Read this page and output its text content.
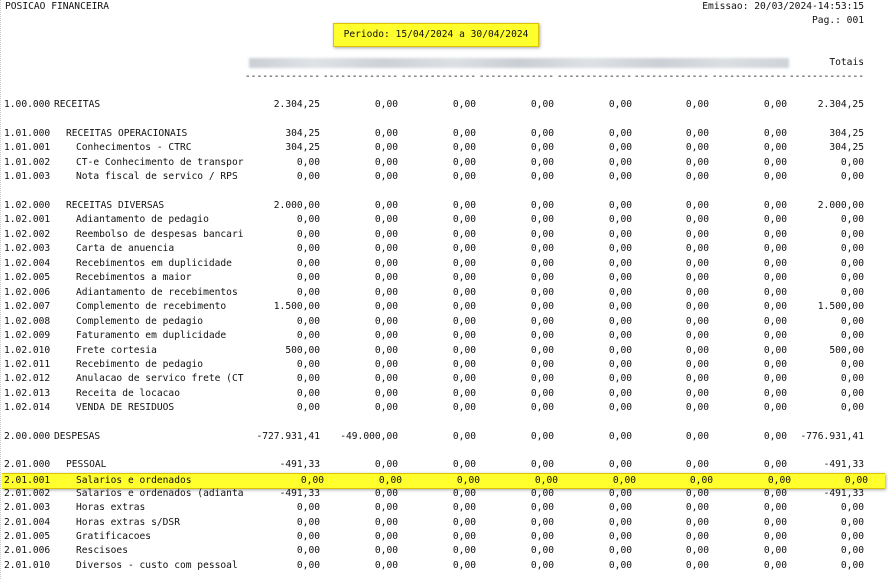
POSICAO FINANCEIRA	Emissao: 20/03/2024-14:53:15
Pag.: 001
Periodo: 15/04/2024 a 30/04/2024
Totais
------------- ------------- ------------- ------------- ------------- ------------- ------------- -------------
1.00.000 RECEITAS	2.304,25	0,00	0,00	0,00	0,00	0,00	0,00	2.304,25
1.01.000 RECEITAS OPERACIONAIS	304,25	0,00	0,00	0,00	0,00	0,00	0,00	304,25
1.01.001	Conhecimentos - CTRC	304,25	0,00	0,00	0,00	0,00	0,00	0,00	304,25
1.01.002	CT-e Conhecimento de transpor	0,00	0,00	0,00	0,00	0,00	0,00	0,00	0,00
1.01.003	Nota fiscal de servico / RPS	0,00	0,00	0,00	0,00	0,00	0,00	0,00	0,00
1.02.000 RECEITAS DIVERSAS	2.000,00	0,00	0,00	0,00	0,00	0,00	0,00	2.000,00
1.02.001	Adiantamento de pedagio	0,00	0,00	0,00	0,00	0,00	0,00	0,00	0,00
1.02.002	Reembolso de despesas bancari	0,00	0,00	0,00	0,00	0,00	0,00	0,00	0,00
1.02.003	Carta de anuencia	0,00	0,00	0,00	0,00	0,00	0,00	0,00	0,00
1.02.004	Recebimentos em duplicidade	0,00	0,00	0,00	0,00	0,00	0,00	0,00	0,00
1.02.005	Recebimentos a maior	0,00	0,00	0,00	0,00	0,00	0,00	0,00	0,00
1.02.006	Adiantamento de recebimentos	0,00	0,00	0,00	0,00	0,00	0,00	0,00	0,00
1.02.007	Complemento de recebimento	1.500,00	0,00	0,00	0,00	0,00	0,00	0,00	1.500,00
1.02.008	Complemento de pedagio	0,00	0,00	0,00	0,00	0,00	0,00	0,00	0,00
1.02.009	Faturamento em duplicidade	0,00	0,00	0,00	0,00	0,00	0,00	0,00	0,00
1.02.010	Frete cortesia	500,00	0,00	0,00	0,00	0,00	0,00	0,00	500,00
1.02.011	Recebimento de pedagio	0,00	0,00	0,00	0,00	0,00	0,00	0,00	0,00
1.02.012	Anulacao de servico frete (CT	0,00	0,00	0,00	0,00	0,00	0,00	0,00	0,00
1.02.013	Receita de locacao	0,00	0,00	0,00	0,00	0,00	0,00	0,00	0,00
1.02.014	VENDA DE RESIDUOS	0,00	0,00	0,00	0,00	0,00	0,00	0,00	0,00
2.00.000 DESPESAS	-727.931,41 -49.000,00	0,00	0,00	0,00	0,00	0,00 -776.931,41
2.01.000 PESSOAL	-491,33	0,00	0,00	0,00	0,00	0,00	0,00	-491,33
2.01.001	Salarios e ordenados	0,00	0,00	0,00	0,00	0,00	0,00	0,00	0,00
2.01.002	Salarios e ordenados (adianta	-491,33	0,00	0,00	0,00	0,00	0,00	0,00	-491,33
2.01.003	Horas extras	0,00	0,00	0,00	0,00	0,00	0,00	0,00	0,00
2.01.004	Horas extras s/DSR	0,00	0,00	0,00	0,00	0,00	0,00	0,00	0,00
2.01.005	Gratificacoes	0,00	0,00	0,00	0,00	0,00	0,00	0,00	0,00
2.01.006	Rescisoes	0,00	0,00	0,00	0,00	0,00	0,00	0,00	0,00
2.01.010	Diversos - custo com pessoal	0,00	0,00	0,00	0,00	0,00	0,00	0,00	0,00
